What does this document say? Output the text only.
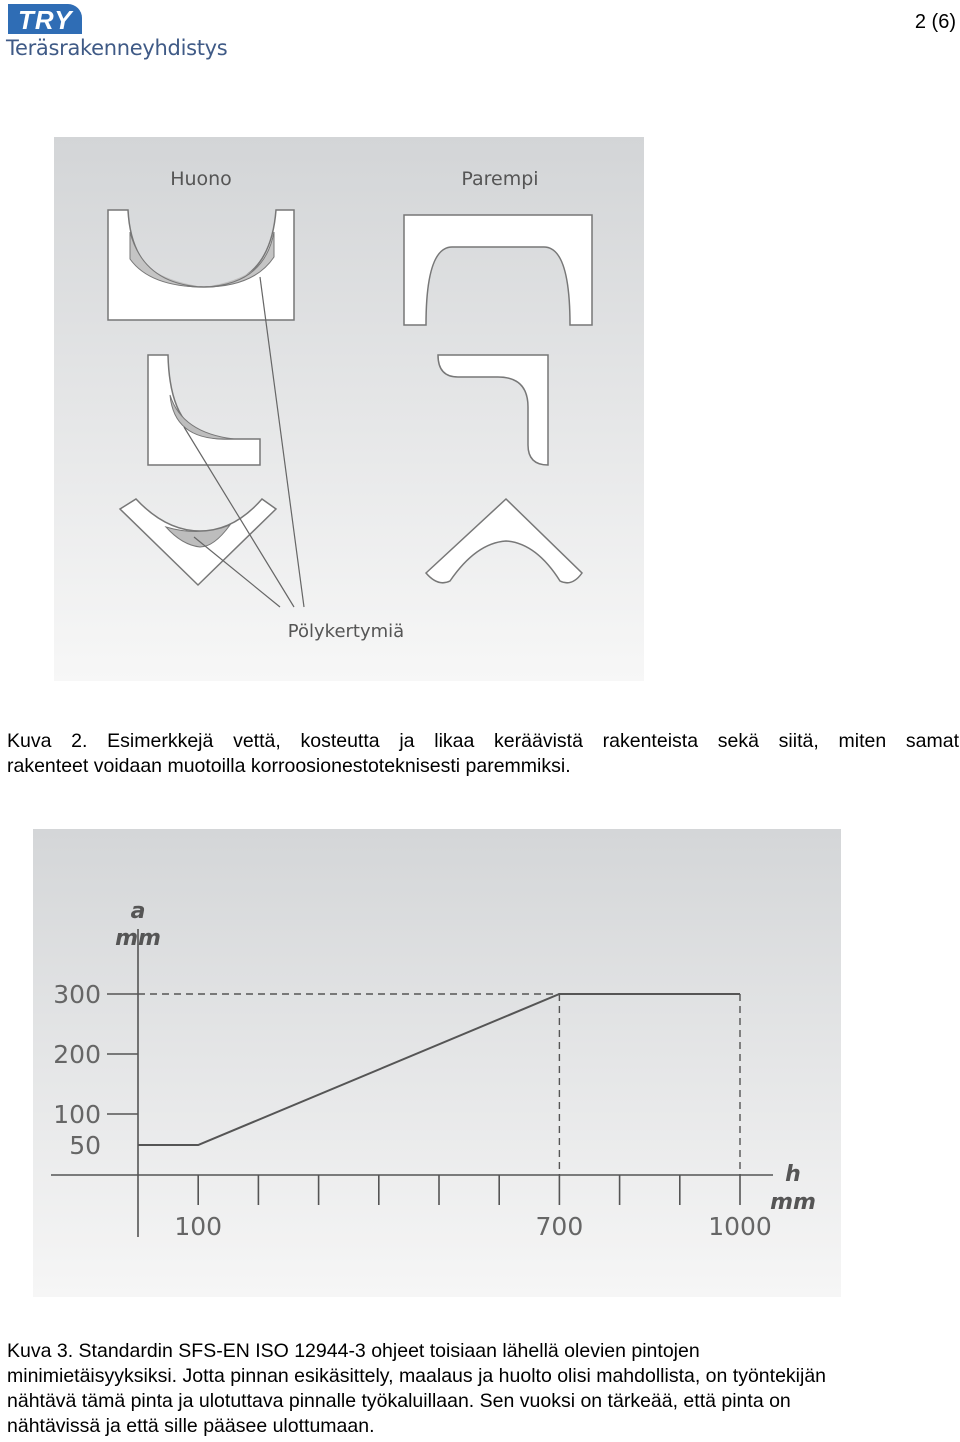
TRY
Teräsrakenneyhdistys
2 (6)
Huono	Parempi
Pölykertymiä
Kuva 2. Esimerkkejä vettä, kosteutta ja likaa keräävistä rakenteista sekä siitä, miten samat
rakenteet voidaan muotoilla korroosionestoteknisesti paremmiksi.
a
mm
h
mm
50
100
200
300
100	700	1000
Kuva 3. Standardin SFS-EN ISO 12944-3 ohjeet toisiaan lähellä olevien pintojen
minimietäisyyksiksi. Jotta pinnan esikäsittely, maalaus ja huolto olisi mahdollista, on työntekijän
nähtävä tämä pinta ja ulotuttava pinnalle työkaluillaan. Sen vuoksi on tärkeää, että pinta on
nähtävissä ja että sille pääsee ulottumaan.
